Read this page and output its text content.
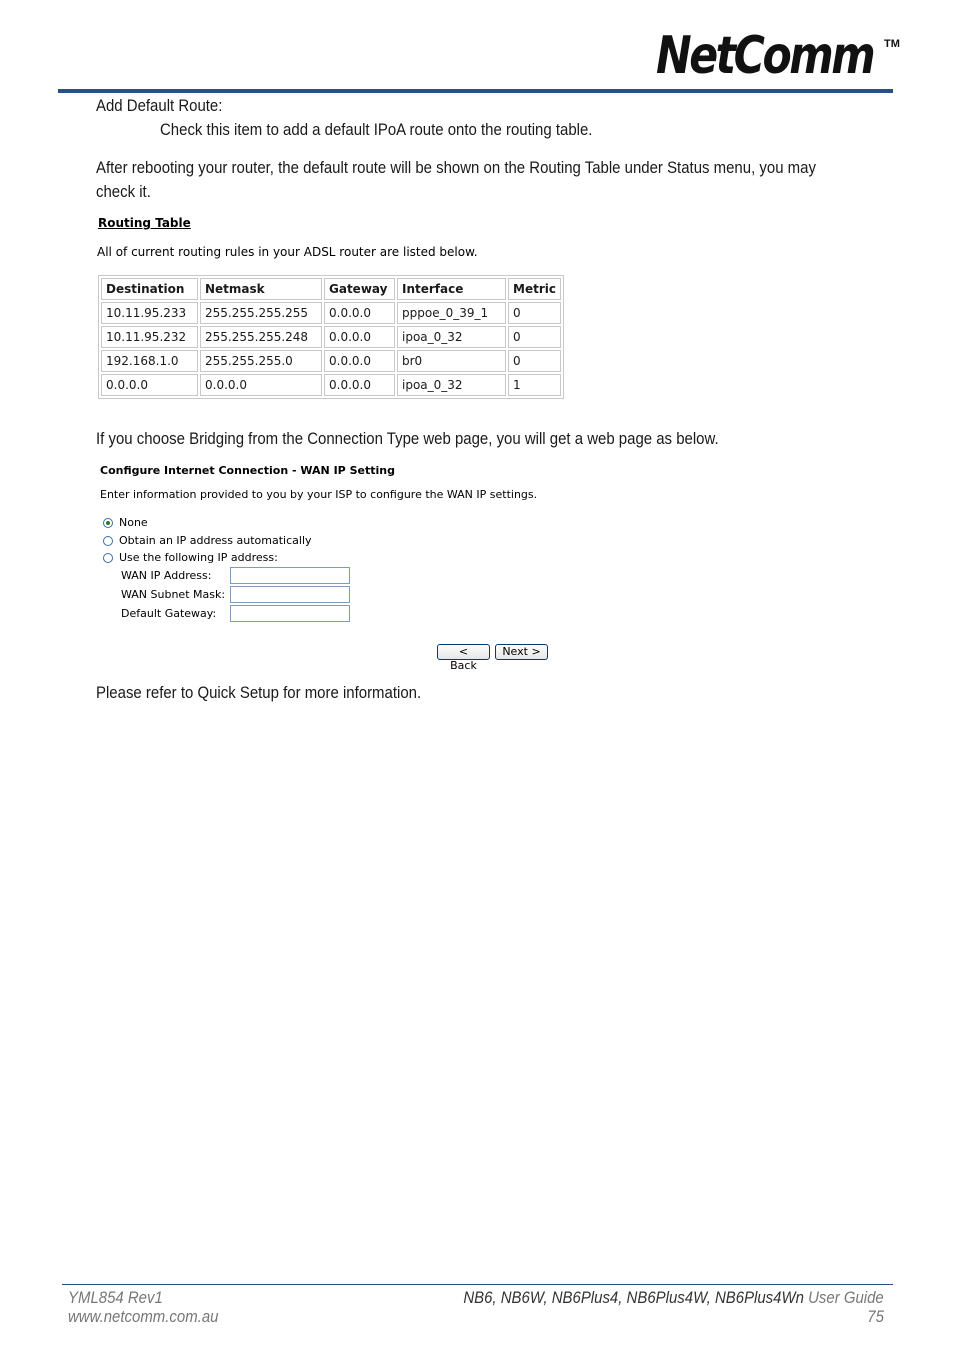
NetComm TM
Add Default Route:
Check this item to add a default IPoA route onto the routing table.
After rebooting your router, the default route will be shown on the Routing Table under Status menu, you may
check it.
Routing Table
All of current routing rules in your ADSL router are listed below.
Destination	Netmask	Gateway	Interface	Metric
10.11.95.233	255.255.255.255	0.0.0.0	pppoe_0_39_1	0
10.11.95.232	255.255.255.248	0.0.0.0	ipoa_0_32	0
192.168.1.0	255.255.255.0	0.0.0.0	br0	0
0.0.0.0	0.0.0.0	0.0.0.0	ipoa_0_32	1
If you choose Bridging from the Connection Type web page, you will get a web page as below.
Configure Internet Connection - WAN IP Setting
Enter information provided to you by your ISP to configure the WAN IP settings.
None
Obtain an IP address automatically
Use the following IP address:
WAN IP Address:
WAN Subnet Mask:
Default Gateway:
< Back
Next >
Please refer to Quick Setup for more information.
YML854 Rev1
www.netcomm.com.au
NB6, NB6W, NB6Plus4, NB6Plus4W, NB6Plus4Wn User Guide
75
